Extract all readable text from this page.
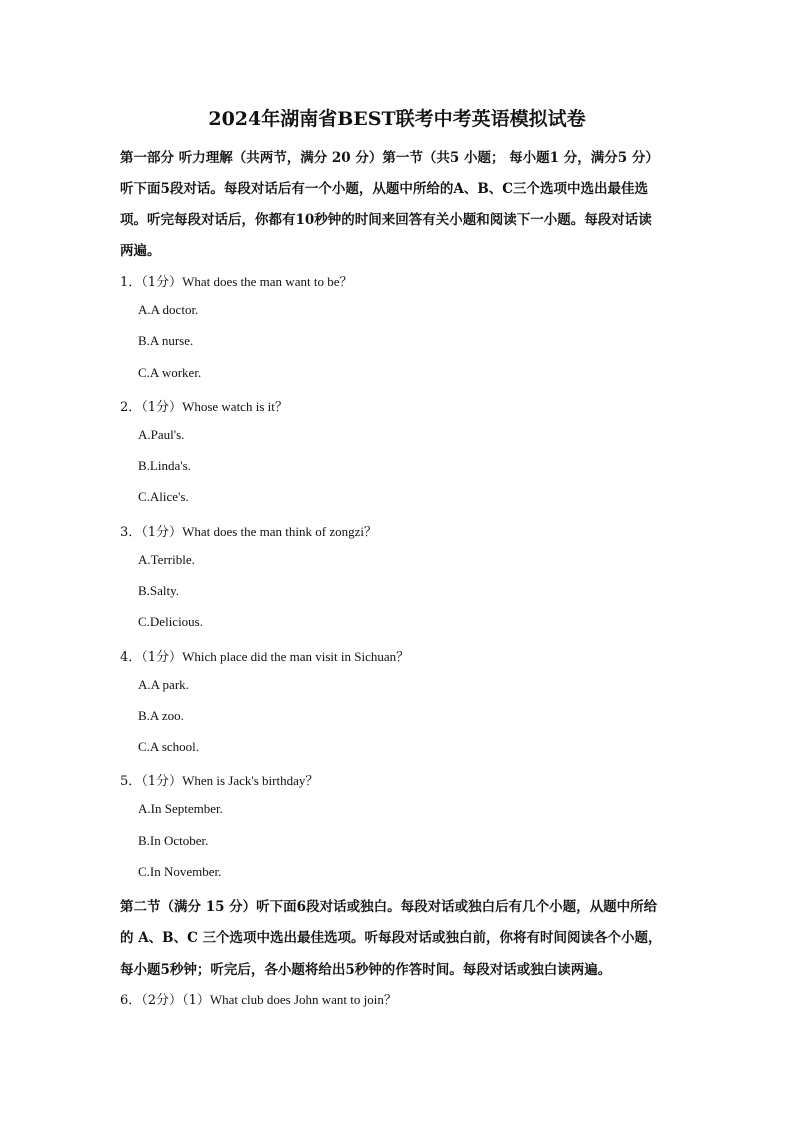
2024年湖南省BEST联考中考英语模拟试卷
第一部分 听力理解（共两节，满分 20 分）第一节（共5 小题； 每小题1 分，满分5 分）
听下面5段对话。每段对话后有一个小题，从题中所给的A、B、C三个选项中选出最佳选
项。听完每段对话后，你都有10秒钟的时间来回答有关小题和阅读下一小题。每段对话读
两遍。
1．（1分）What does the man want to be？
A.A doctor.
B.A nurse.
C.A worker.
2．（1分）Whose watch is it？
A.Paul's.
B.Linda's.
C.Alice's.
3．（1分）What does the man think of zongzi？
A.Terrible.
B.Salty.
C.Delicious.
4．（1分）Which place did the man visit in Sichuan？
A.A park.
B.A zoo.
C.A school.
5．（1分）When is Jack's birthday？
A.In September.
B.In October.
C.In November.
第二节（满分 15 分）听下面6段对话或独白。每段对话或独白后有几个小题，从题中所给
的 A、B、C 三个选项中选出最佳选项。听每段对话或独白前，你将有时间阅读各个小题，
每小题5秒钟；听完后，各小题将给出5秒钟的作答时间。每段对话或独白读两遍。
6．（2分）（1）What club does John want to join？
